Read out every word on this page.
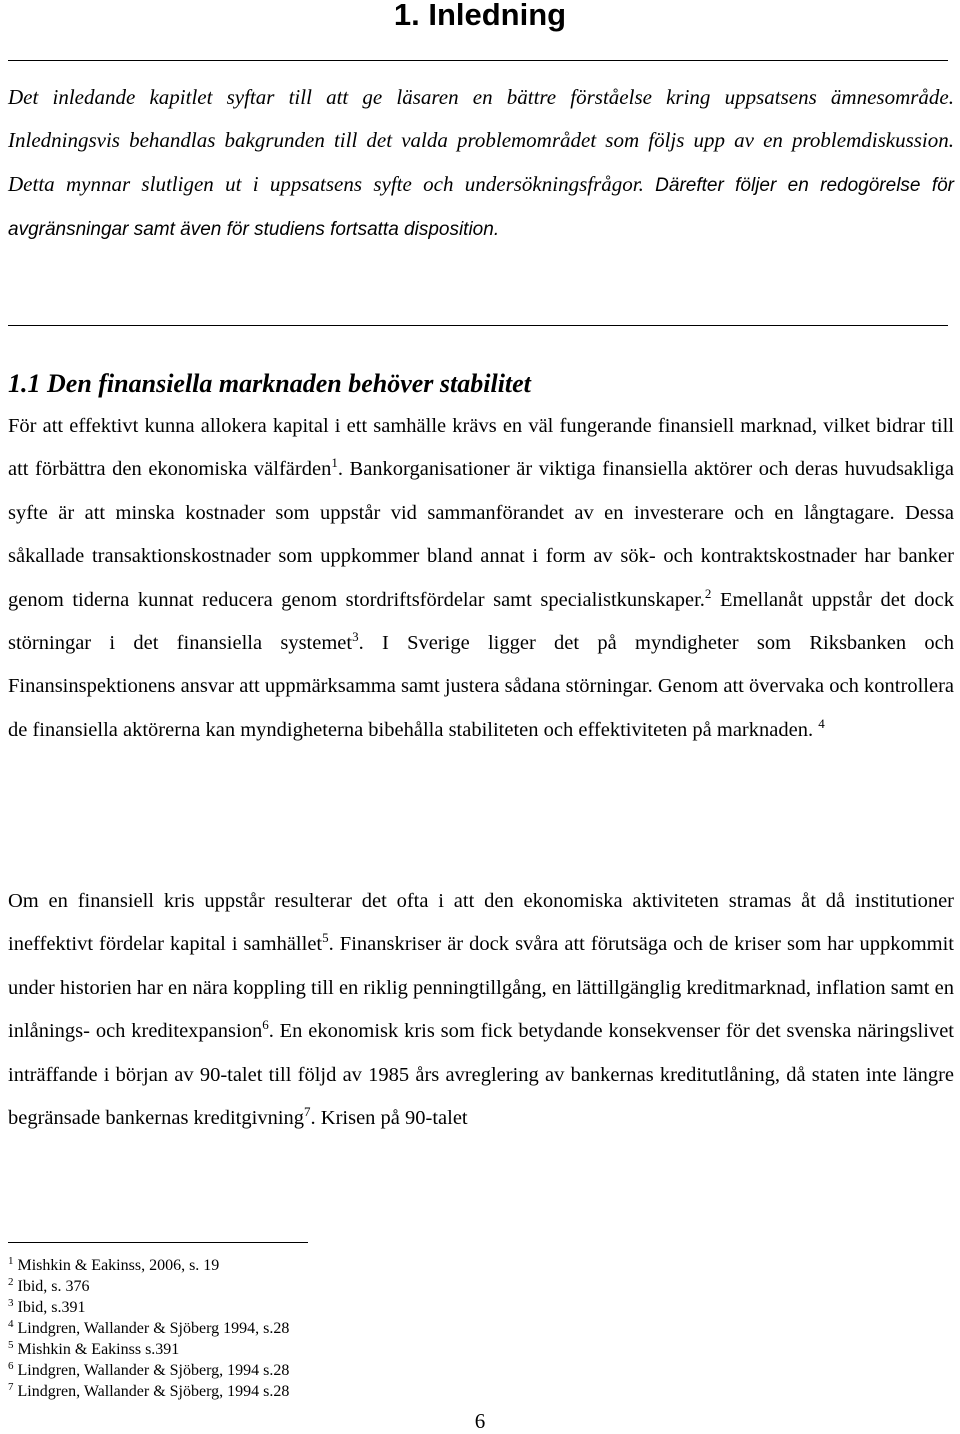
1. Inledning

Det inledande kapitlet syftar till att ge läsaren en bättre förståelse kring uppsatsens ämnesområde. Inledningsvis behandlas bakgrunden till det valda problemområdet som följs upp av en problemdiskussion. Detta mynnar slutligen ut i uppsatsens syfte och undersökningsfrågor. Därefter följer en redogörelse för avgränsningar samt även för studiens fortsatta disposition.

1.1 Den finansiella marknaden behöver stabilitet

För att effektivt kunna allokera kapital i ett samhälle krävs en väl fungerande finansiell marknad, vilket bidrar till att förbättra den ekonomiska välfärden$^1$. Bankorganisationer är viktiga finansiella aktörer och deras huvudsakliga syfte är att minska kostnader som uppstår vid sammanförandet av en investerare och en långtagare. Dessa såkallade transaktionskostnader som uppkommer bland annat i form av sök- och kontraktskostnader har banker genom tiderna kunnat reducera genom stordriftsfördelar samt specialistkunskaper.$^2$ Emellanåt uppstår det dock störningar i det finansiella systemet$^3$. I Sverige ligger det på myndigheter som Riksbanken och Finansinspektionens ansvar att uppmärksamma samt justera sådana störningar. Genom att övervaka och kontrollera de finansiella aktörerna kan myndigheterna bibehålla stabiliteten och effektiviteten på marknaden. $^4$

Om en finansiell kris uppstår resulterar det ofta i att den ekonomiska aktiviteten stramas åt då institutioner ineffektivt fördelar kapital i samhället$^5$. Finanskriser är dock svåra att förutsäga och de kriser som har uppkommit under historien har en nära koppling till en riklig penningtillgång, en lättillgänglig kreditmarknad, inflation samt en inlånings- och kreditexpansion$^6$. En ekonomisk kris som fick betydande konsekvenser för det svenska näringslivet inträffande i början av 90-talet till följd av 1985 års avreglering av bankernas kreditutlåning, då staten inte längre begränsade bankernas kreditgivning$^7$. Krisen på 90-talet

$^1$ Mishkin & Eakinss, 2006, s. 19
$^2$ Ibid, s. 376
$^3$ Ibid, s.391
$^4$ Lindgren, Wallander & Sjöberg 1994, s.28
$^5$ Mishkin & Eakinss s.391
$^6$ Lindgren, Wallander & Sjöberg, 1994 s.28
$^7$ Lindgren, Wallander & Sjöberg, 1994 s.28
6
